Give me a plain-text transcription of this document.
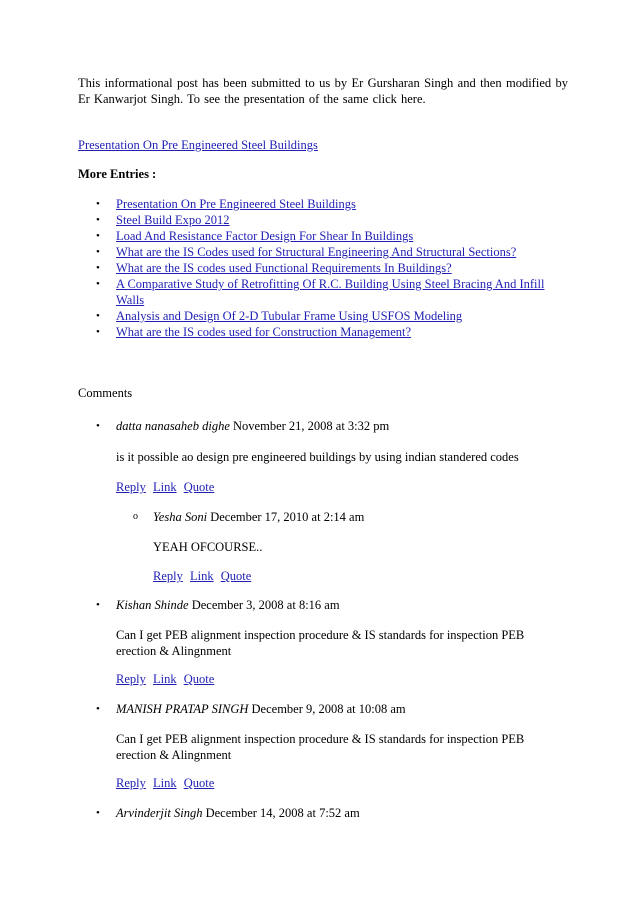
This informational post has been submitted to us by Er Gursharan Singh and then modified by Er Kanwarjot Singh. To see the presentation of the same click here.
Presentation On Pre Engineered Steel Buildings
More Entries :
• Presentation On Pre Engineered Steel Buildings
• Steel Build Expo 2012
• Load And Resistance Factor Design For Shear In Buildings
• What are the IS Codes used for Structural Engineering And Structural Sections?
• What are the IS codes used Functional Requirements In Buildings?
• A Comparative Study of Retrofitting Of R.C. Building Using Steel Bracing And Infill Walls
• Analysis and Design Of 2-D Tubular Frame Using USFOS Modeling
• What are the IS codes used for Construction Management?
Comments
• datta nanasaheb dighe November 21, 2008 at 3:32 pm
is it possible ao design pre engineered buildings by using indian standered codes
Reply Link Quote
o Yesha Soni December 17, 2010 at 2:14 am
YEAH OFCOURSE..
Reply Link Quote
• Kishan Shinde December 3, 2008 at 8:16 am
Can I get PEB alignment inspection procedure & IS standards for inspection PEB erection & Alingnment
Reply Link Quote
• MANISH PRATAP SINGH December 9, 2008 at 10:08 am
Can I get PEB alignment inspection procedure & IS standards for inspection PEB erection & Alingnment
Reply Link Quote
• Arvinderjit Singh December 14, 2008 at 7:52 am
